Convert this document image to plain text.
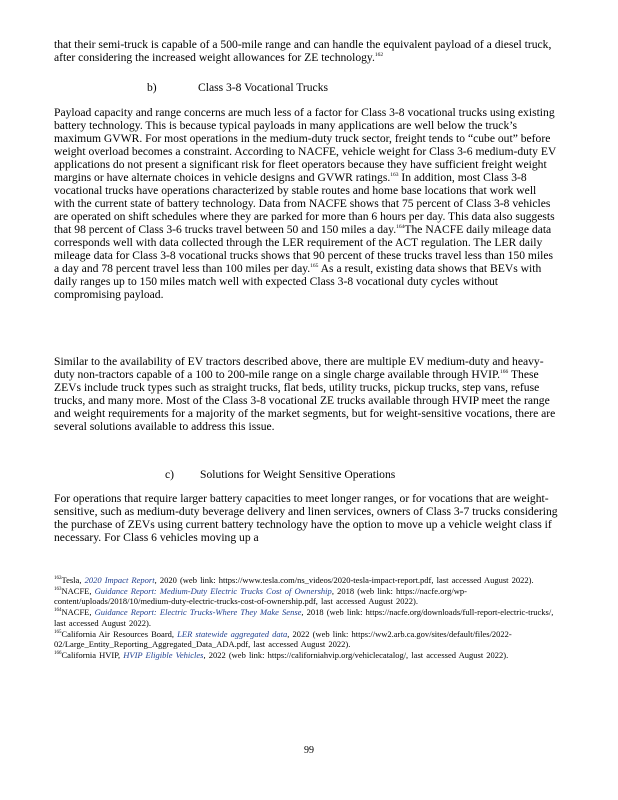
that their semi-truck is capable of a 500-mile range and can handle the equivalent payload of a diesel truck, after considering the increased weight allowances for ZE technology.$^{162}$

b)	Class 3-8 Vocational Trucks

Payload capacity and range concerns are much less of a factor for Class 3-8 vocational trucks using existing battery technology. This is because typical payloads in many applications are well below the truck’s maximum GVWR. For most operations in the medium-duty truck sector, freight tends to “cube out” before weight overload becomes a constraint. According to NACFE, vehicle weight for Class 3-6 medium-duty EV applications do not present a significant risk for fleet operators because they have sufficient freight weight margins or have alternate choices in vehicle designs and GVWR ratings.$^{163}$ In addition, most Class 3-8 vocational trucks have operations characterized by stable routes and home base locations that work well with the current state of battery technology. Data from NACFE shows that 75 percent of Class 3-8 vehicles are operated on shift schedules where they are parked for more than 6 hours per day. This data also suggests that 98 percent of Class 3-6 trucks travel between 50 and 150 miles a day.$^{164}$The NACFE daily mileage data corresponds well with data collected through the LER requirement of the ACT regulation. The LER daily mileage data for Class 3-8 vocational trucks shows that 90 percent of these trucks travel less than 150 miles a day and 78 percent travel less than 100 miles per day.$^{165}$ As a result, existing data shows that BEVs with daily ranges up to 150 miles match well with expected Class 3-8 vocational duty cycles without compromising payload.

Similar to the availability of EV tractors described above, there are multiple EV medium-duty and heavy-duty non-tractors capable of a 100 to 200-mile range on a single charge available through HVIP.$^{166}$ These ZEVs include truck types such as straight trucks, flat beds, utility trucks, pickup trucks, step vans, refuse trucks, and many more. Most of the Class 3-8 vocational ZE trucks available through HVIP meet the range and weight requirements for a majority of the market segments, but for weight-sensitive vocations, there are several solutions available to address this issue.

c) Solutions for Weight Sensitive Operations

For operations that require larger battery capacities to meet longer ranges, or for vocations that are weight-sensitive, such as medium-duty beverage delivery and linen services, owners of Class 3-7 trucks considering the purchase of ZEVs using current battery technology have the option to move up a vehicle weight class if necessary. For Class 6 vehicles moving up a

$^{162}$Tesla, 2020 Impact Report, 2020 (web link: https://www.tesla.com/ns_videos/2020-tesla-impact-report.pdf, last accessed August 2022).

$^{163}$NACFE, Guidance Report: Medium-Duty Electric Trucks Cost of Ownership, 2018 (web link: https://nacfe.org/wp-content/uploads/2018/10/medium-duty-electric-trucks-cost-of-ownership.pdf, last accessed August 2022).

$^{164}$NACFE, Guidance Report: Electric Trucks-Where They Make Sense, 2018 (web link: https://nacfe.org/downloads/full-report-electric-trucks/, last accessed August 2022).

$^{165}$California Air Resources Board, LER statewide aggregated data, 2022 (web link: https://ww2.arb.ca.gov/sites/default/files/2022-02/Large_Entity_Reporting_Aggregated_Data_ADA.pdf, last accessed August 2022).

$^{166}$California HVIP, HVIP Eligible Vehicles, 2022 (web link: https://californiahvip.org/vehiclecatalog/, last accessed August 2022).

99
